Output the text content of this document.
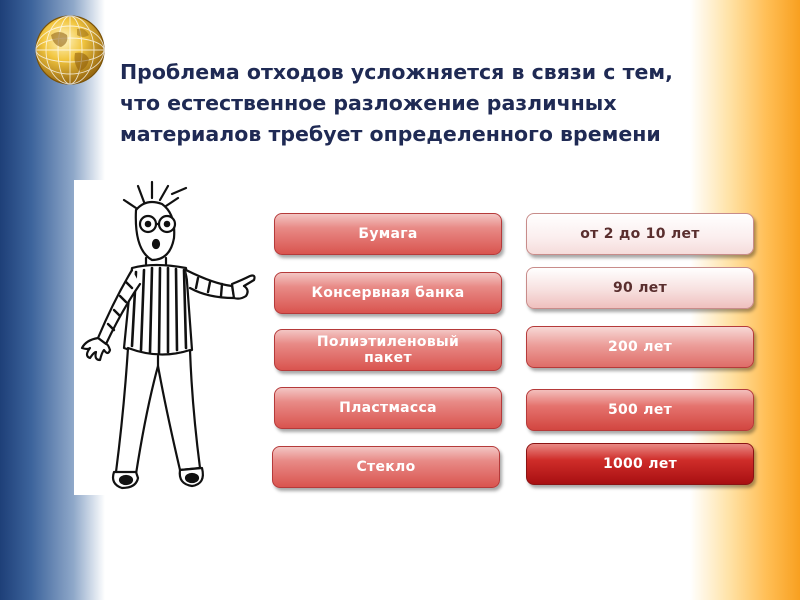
Проблема отходов усложняется в связи с тем,
что естественное разложение различных
материалов требует определенного времени
Бумага
Консервная банка
Полиэтиленовый
пакет
Пластмасса
Стекло
от 2 до 10 лет
90 лет
200 лет
500 лет
1000 лет
